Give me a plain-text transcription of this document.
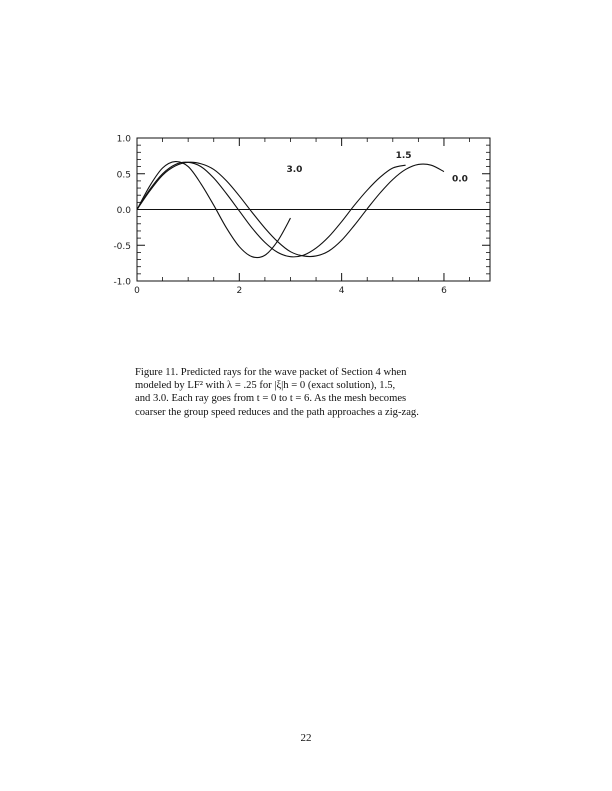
0	2	4	6
1.0
0.5
0.0
-0.5
-1.0
0.0
1.5
3.0
Figure 11. Predicted rays for the wave packet of Section 4 when
modeled by LF² with λ = .25 for |ξ|h = 0 (exact solution), 1.5,
and 3.0. Each ray goes from t = 0 to t = 6. As the mesh becomes
coarser the group speed reduces and the path approaches a zig-zag.
22
